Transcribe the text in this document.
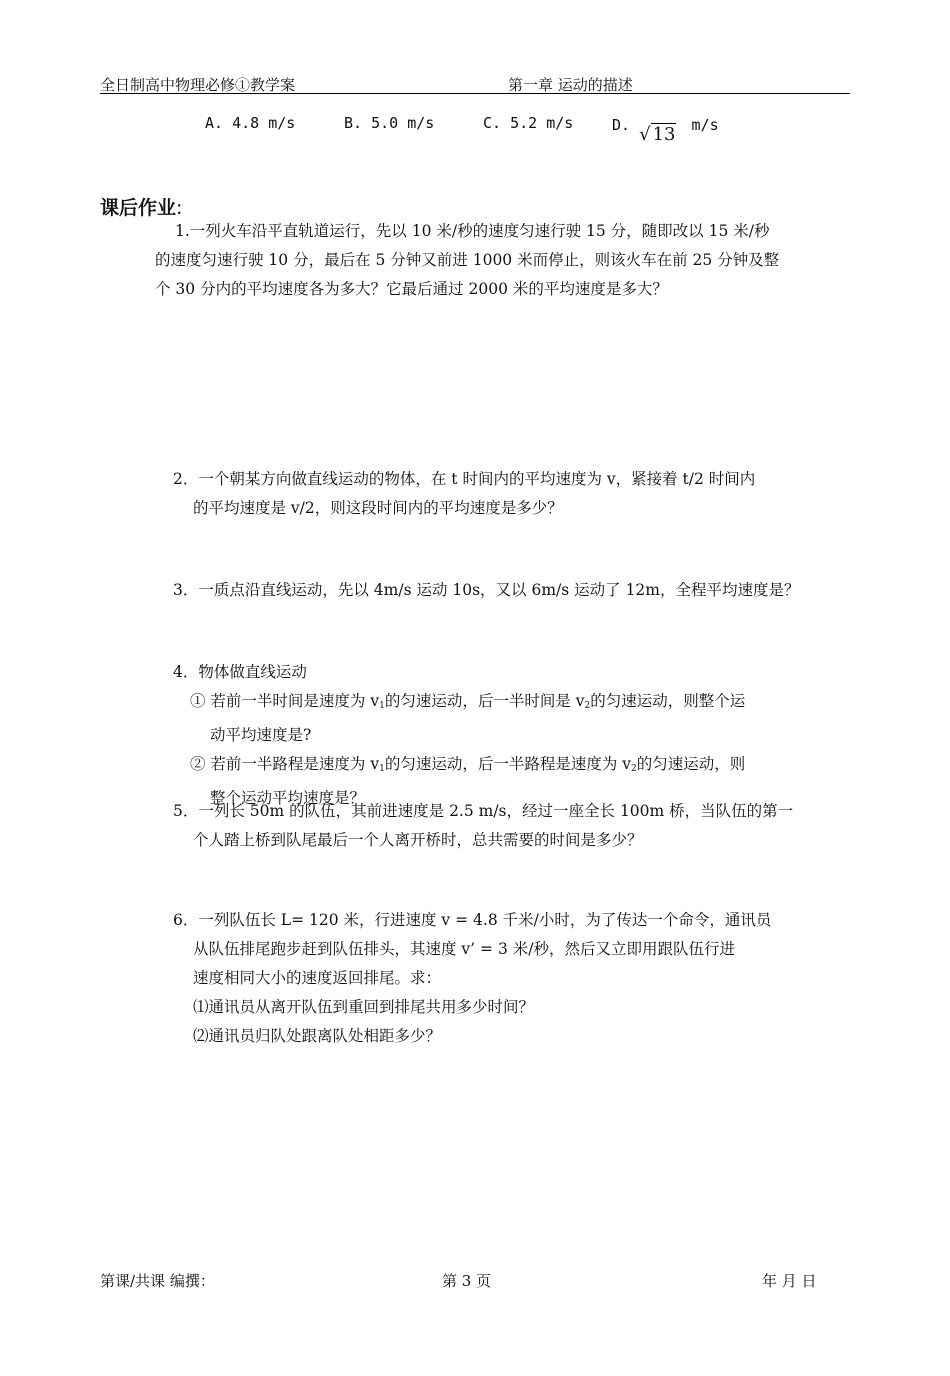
全日制高中物理必修①教学案	第一章 运动的描述
A. 4.8 m/s	B. 5.0 m/s	C. 5.2 m/s	D. √ 13 m/s
课后作业:

1.一列火车沿平直轨道运行，先以 10 米/秒的速度匀速行驶 15 分，随即改以 15 米/秒

的速度匀速行驶 10 分，最后在 5 分钟又前进 1000 米而停止，则该火车在前 25 分钟及整

个 30 分内的平均速度各为多大？它最后通过 2000 米的平均速度是多大？

2．一个朝某方向做直线运动的物体，在 t 时间内的平均速度为 v，紧接着 t/2 时间内

的平均速度是 v/2，则这段时间内的平均速度是多少？

3．一质点沿直线运动，先以 4m/s 运动 10s，又以 6m/s 运动了 12m，全程平均速度是？

4．物体做直线运动

① 若前一半时间是速度为 $v_1$的匀速运动，后一半时间是 $v_2$的匀速运动，则整个运

动平均速度是?

② 若前一半路程是速度为 $v_1$的匀速运动，后一半路程是速度为 $v_2$的匀速运动，则

整个运动平均速度是？

5．一列长 50m 的队伍，其前进速度是 2.5 m/s，经过一座全长 100m 桥，当队伍的第一

个人踏上桥到队尾最后一个人离开桥时，总共需要的时间是多少？

6．一列队伍长 L= 120 米，行进速度 v = 4.8 千米/小时，为了传达一个命令，通讯员

从队伍排尾跑步赶到队伍排头，其速度 v’ = 3 米/秒，然后又立即用跟队伍行进

速度相同大小的速度返回排尾。求：

⑴通讯员从离开队伍到重回到排尾共用多少时间？

⑵通讯员归队处跟离队处相距多少？

第课/共课 编撰：	第 3 页	年 月 日
